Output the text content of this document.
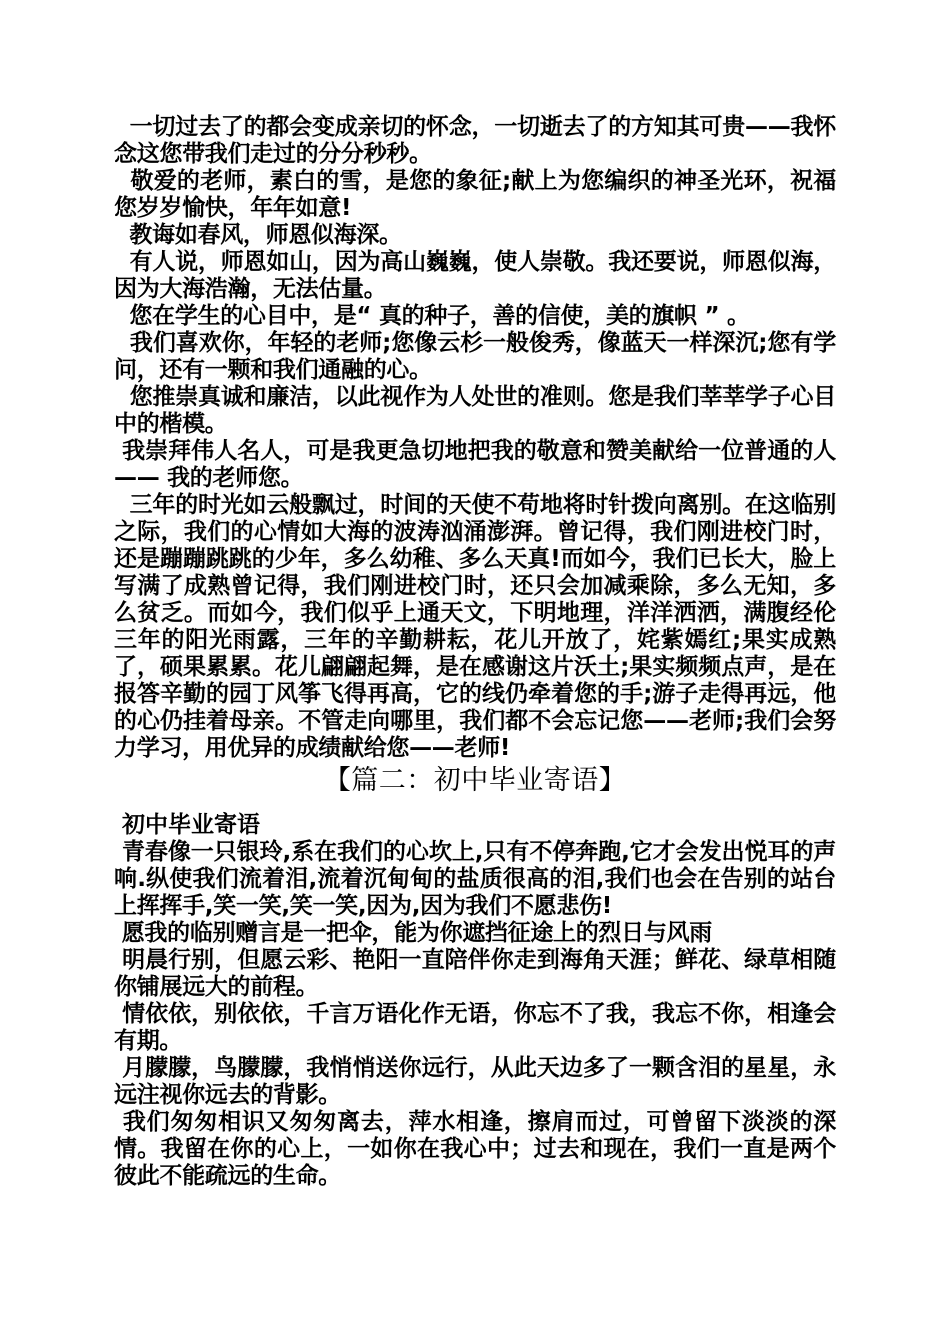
一切过去了的都会变成亲切的怀念，一切逝去了的方知其可贵——我怀念这您带我们走过的分分秒秒。

敬爱的老师，素白的雪，是您的象征;献上为您编织的神圣光环，祝福您岁岁愉快，年年如意!

教诲如春风，师恩似海深。

有人说，师恩如山，因为高山巍巍，使人崇敬。我还要说，师恩似海，因为大海浩瀚，无法估量。

您在学生的心目中，是“ 真的种子，善的信使，美的旗帜 ” 。

我们喜欢你，年轻的老师;您像云杉一般俊秀，像蓝天一样深沉;您有学问，还有一颗和我们通融的心。

您推崇真诚和廉洁，以此视作为人处世的准则。您是我们莘莘学子心目中的楷模。

我崇拜伟人名人，可是我更急切地把我的敬意和赞美献给一位普通的人 —— 我的老师您。

三年的时光如云般飘过，时间的天使不苟地将时针拨向离别。在这临别之际，我们的心情如大海的波涛汹涌澎湃。曾记得，我们刚进校门时，还是蹦蹦跳跳的少年，多么幼稚、多么天真!而如今，我们已长大，脸上写满了成熟曾记得，我们刚进校门时，还只会加减乘除，多么无知，多么贫乏。而如今，我们似乎上通天文，下明地理，洋洋洒洒，满腹经伦三年的阳光雨露，三年的辛勤耕耘，花儿开放了，姹紫嫣红;果实成熟了，硕果累累。花儿翩翩起舞，是在感谢这片沃土;果实频频点声，是在报答辛勤的园丁风筝飞得再高，它的线仍牵着您的手;游子走得再远，他的心仍挂着母亲。不管走向哪里，我们都不会忘记您——老师;我们会努力学习，用优异的成绩献给您——老师!

【篇二：初中毕业寄语】

初中毕业寄语

青春像一只银玲,系在我们的心坎上,只有不停奔跑,它才会发出悦耳的声响.纵使我们流着泪,流着沉甸甸的盐质很高的泪,我们也会在告别的站台上挥挥手,笑一笑,笑一笑,因为,因为我们不愿悲伤!

愿我的临别赠言是一把伞，能为你遮挡征途上的烈日与风雨

明晨行别，但愿云彩、艳阳一直陪伴你走到海角天涯；鲜花、绿草相随你铺展远大的前程。

情依依，别依依，千言万语化作无语，你忘不了我，我忘不你，相逢会有期。

月朦朦，鸟朦朦，我悄悄送你远行，从此天边多了一颗含泪的星星，永远注视你远去的背影。

我们匆匆相识又匆匆离去，萍水相逢，擦肩而过，可曾留下淡淡的深情。我留在你的心上，一如你在我心中；过去和现在，我们一直是两个彼此不能疏远的生命。
